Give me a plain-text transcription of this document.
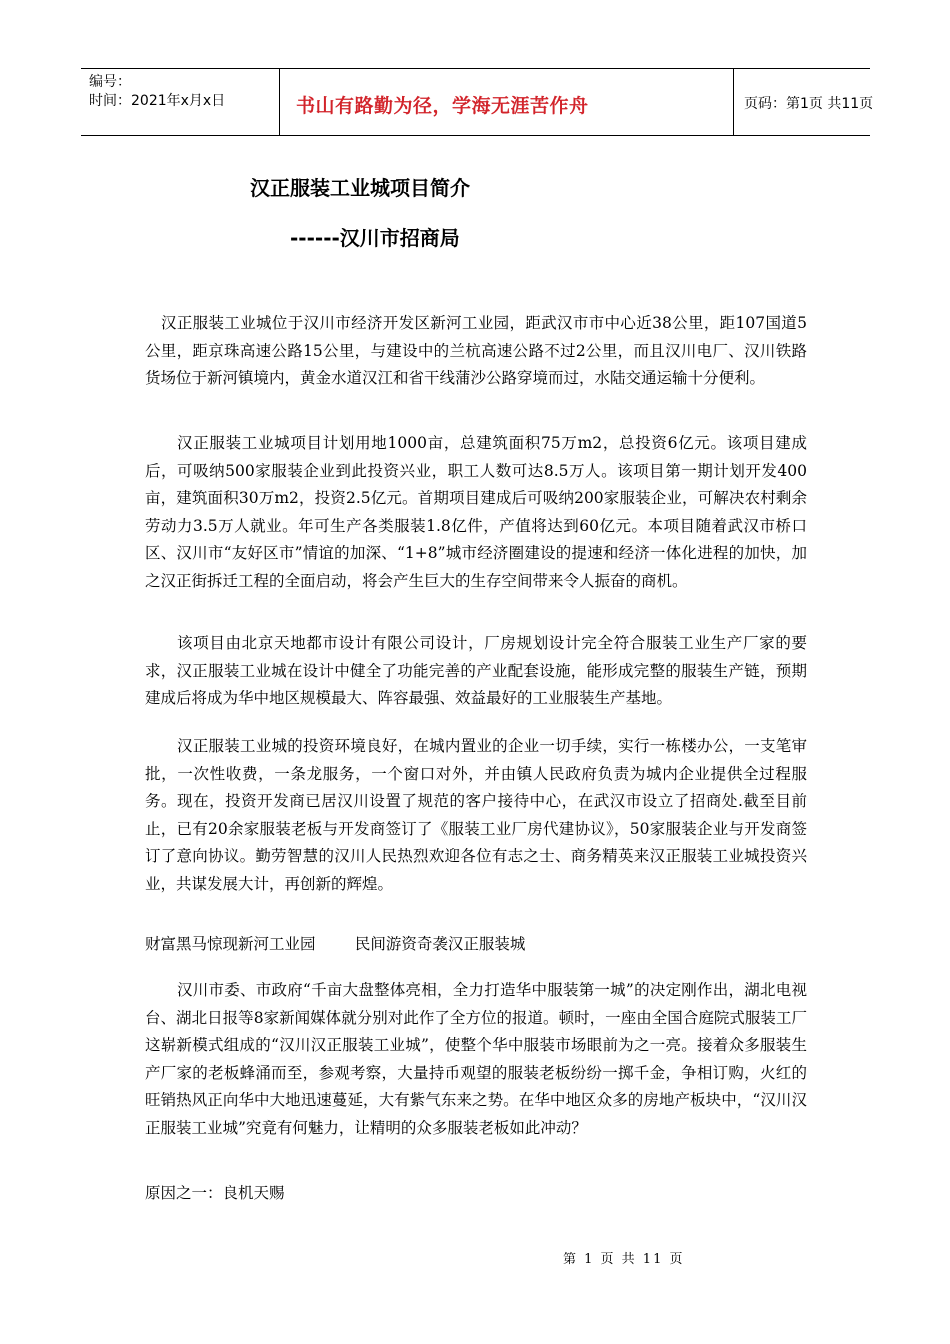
编号：
时间：2021年x月x日	书山有路勤为径，学海无涯苦作舟	页码：第1页 共11页
汉正服装工业城项目简介
------汉川市招商局
汉正服装工业城位于汉川市经济开发区新河工业园，距武汉市市中心近38公里，距107国道5公里，距京珠高速公路15公里，与建设中的兰杭高速公路不过2公里，而且汉川电厂、汉川铁路货场位于新河镇境内，黄金水道汉江和省干线蒲沙公路穿境而过，水陆交通运输十分便利。
汉正服装工业城项目计划用地1000亩，总建筑面积75万m2，总投资6亿元。该项目建成后，可吸纳500家服装企业到此投资兴业，职工人数可达8.5万人。该项目第一期计划开发400亩，建筑面积30万m2，投资2.5亿元。首期项目建成后可吸纳200家服装企业，可解决农村剩余劳动力3.5万人就业。年可生产各类服装1.8亿件，产值将达到60亿元。本项目随着武汉市桥口区、汉川市“友好区市”情谊的加深、“1+8”城市经济圈建设的提速和经济一体化进程的加快，加之汉正街拆迁工程的全面启动，将会产生巨大的生存空间带来令人振奋的商机。
该项目由北京天地都市设计有限公司设计，厂房规划设计完全符合服装工业生产厂家的要求，汉正服装工业城在设计中健全了功能完善的产业配套设施，能形成完整的服装生产链，预期建成后将成为华中地区规模最大、阵容最强、效益最好的工业服装生产基地。
汉正服装工业城的投资环境良好，在城内置业的企业一切手续，实行一栋楼办公，一支笔审批，一次性收费，一条龙服务，一个窗口对外，并由镇人民政府负责为城内企业提供全过程服务。现在，投资开发商已居汉川设置了规范的客户接待中心，在武汉市设立了招商处.截至目前止，已有20余家服装老板与开发商签订了《服装工业厂房代建协议》，50家服装企业与开发商签订了意向协议。勤劳智慧的汉川人民热烈欢迎各位有志之士、商务精英来汉正服装工业城投资兴业，共谋发展大计，再创新的辉煌。
财富黑马惊现新河工业园        民间游资奇袭汉正服装城
汉川市委、市政府“千亩大盘整体亮相，全力打造华中服装第一城”的决定刚作出，湖北电视台、湖北日报等8家新闻媒体就分别对此作了全方位的报道。顿时，一座由全国合庭院式服装工厂这崭新模式组成的“汉川汉正服装工业城”，使整个华中服装市场眼前为之一亮。接着众多服装生产厂家的老板蜂涌而至，参观考察，大量持币观望的服装老板纷纷一掷千金，争相订购，火红的旺销热风正向华中大地迅速蔓延，大有紫气东来之势。在华中地区众多的房地产板块中，“汉川汉正服装工业城”究竟有何魅力，让精明的众多服装老板如此冲动？
原因之一：良机天赐
第 1 页 共 11 页
